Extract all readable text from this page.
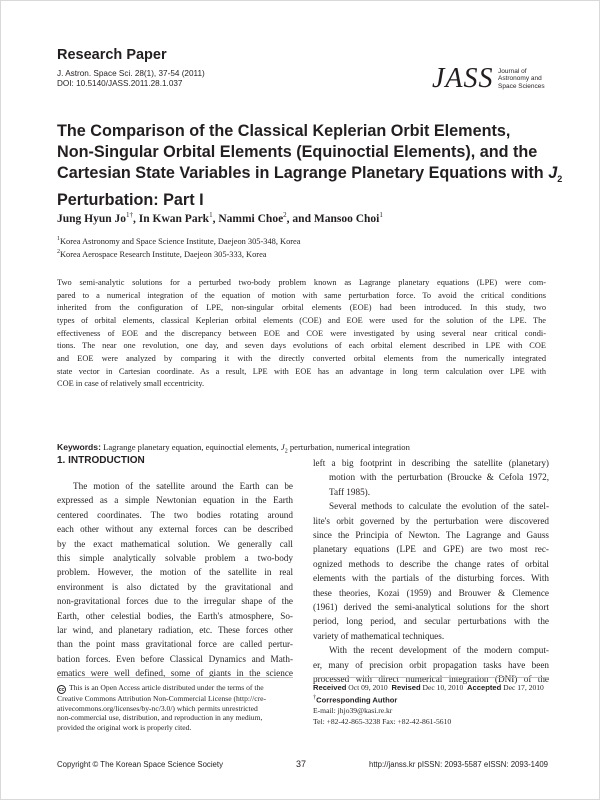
Research Paper
J. Astron. Space Sci. 28(1), 37-54 (2011)
DOI: 10.5140/JASS.2011.28.1.037	JASS Journal of
Astronomy and
Space Sciences
The Comparison of the Classical Keplerian Orbit Elements,
Non-Singular Orbital Elements (Equinoctial Elements), and the
Cartesian State Variables in Lagrange Planetary Equations with $J_2$
Perturbation: Part I
Jung Hyun $Jo^{1\dagger}$, In Kwan Park$^1$, Nammi Choe$^2$, and Mansoo Choi$^1$
$^1$Korea Astronomy and Space Science Institute, Daejeon 305-348, Korea
$^2$Korea Aerospace Research Institute, Daejeon 305-333, Korea
Two semi-analytic solutions for a perturbed two-body problem known as Lagrange planetary equations (LPE) were com-
pared to a numerical integration of the equation of motion with same perturbation force. To avoid the critical conditions
inherited from the configuration of LPE, non-singular orbital elements (EOE) had been introduced. In this study, two
types of orbital elements, classical Keplerian orbital elements (COE) and EOE were used for the solution of the LPE. The
effectiveness of EOE and the discrepancy between EOE and COE were investigated by using several near critical condi-
tions. The near one revolution, one day, and seven days evolutions of each orbital element described in LPE with COE
and EOE were analyzed by comparing it with the directly converted orbital elements from the numerically integrated
state vector in Cartesian coordinate. As a result, LPE with EOE has an advantage in long term calculation over LPE with
COE in case of relatively small eccentricity.
Keywords: Lagrange planetary equation, equinoctial elements, $J_2$ perturbation, numerical integration
1. INTRODUCTION
The motion of the satellite around the Earth can be
expressed as a simple Newtonian equation in the Earth
centered coordinates. The two bodies rotating around
each other without any external forces can be described
by the exact mathematical solution. We generally call
this simple analytically solvable problem a two-body
problem. However, the motion of the satellite in real
environment is also dictated by the gravitational and
non-gravitational forces due to the irregular shape of the
Earth, other celestial bodies, the Earth's atmosphere, So-
lar wind, and planetary radiation, etc. These forces other
than the point mass gravitational force are called pertur-
bation forces. Even before Classical Dynamics and Math-
ematics were well defined, some of giants in the science
left a big footprint in describing the satellite (planetary)
motion with the perturbation (Broucke & Cefola 1972,
Taff 1985).
Several methods to calculate the evolution of the satel-
lite's orbit governed by the perturbation were discovered
since the Principia of Newton. The Lagrange and Gauss
planetary equations (LPE and GPE) are two most rec-
ognized methods to describe the change rates of orbital
elements with the partials of the disturbing forces. With
these theories, Kozai (1959) and Brouwer & Clemence
(1961) derived the semi-analytical solutions for the short
period, long period, and secular perturbations with the
variety of mathematical techniques.
With the recent development of the modern comput-
er, many of precision orbit propagation tasks have been
processed with direct numerical integration (DNI) of the
cc This is an Open Access article distributed under the terms of the
Creative Commons Attribution Non-Commercial License (http://cre-
ativecommons.org/licenses/by-nc/3.0/) which permits unrestricted
non-commercial use, distribution, and reproduction in any medium,
provided the original work is properly cited.
Received Oct 09, 2010 Revised Dec 10, 2010 Accepted Dec 17, 2010
†Corresponding Author
E-mail: jhjo39@kasi.re.kr
Tel: +82-42-865-3238 Fax: +82-42-861-5610
Copyright © The Korean Space Science Society	37	http://janss.kr pISSN: 2093-5587 eISSN: 2093-1409
